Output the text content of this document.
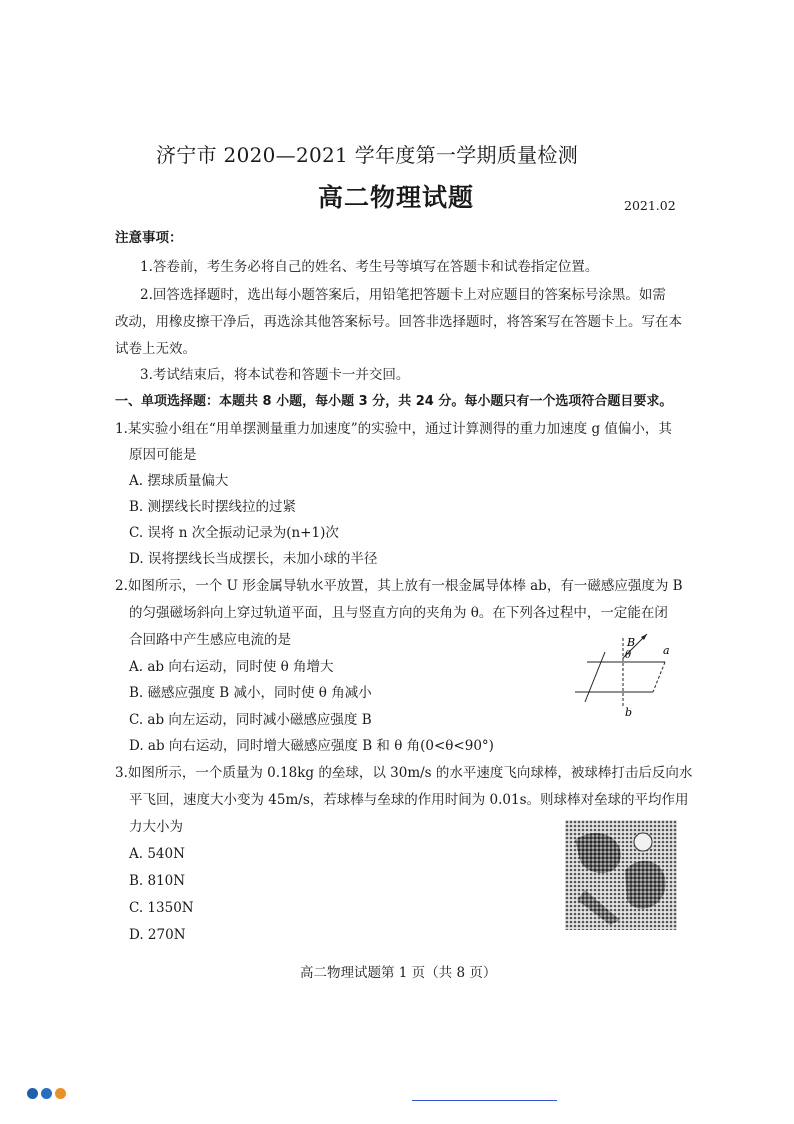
济宁市 2020—2021 学年度第一学期质量检测
高二物理试题	2021.02
注意事项：
1.答卷前，考生务必将自己的姓名、考生号等填写在答题卡和试卷指定位置。
2.回答选择题时，选出每小题答案后，用铅笔把答题卡上对应题目的答案标号涂黑。如需
改动，用橡皮擦干净后，再选涂其他答案标号。回答非选择题时，将答案写在答题卡上。写在本
试卷上无效。
3.考试结束后，将本试卷和答题卡一并交回。
一、单项选择题：本题共 8 小题，每小题 3 分，共 24 分。每小题只有一个选项符合题目要求。
1.某实验小组在“用单摆测量重力加速度”的实验中，通过计算测得的重力加速度 g 值偏小，其
原因可能是
A. 摆球质量偏大
B. 测摆线长时摆线拉的过紧
C. 误将 n 次全振动记录为(n+1)次
D. 误将摆线长当成摆长，未加小球的半径
2.如图所示，一个 U 形金属导轨水平放置，其上放有一根金属导体棒 ab，有一磁感应强度为 B
的匀强磁场斜向上穿过轨道平面，且与竖直方向的夹角为 θ。在下列各过程中，一定能在闭
合回路中产生感应电流的是
A. ab 向右运动，同时使 θ 角增大
B. 磁感应强度 B 减小，同时使 θ 角减小
C. ab 向左运动，同时减小磁感应强度 B
D. ab 向右运动，同时增大磁感应强度 B 和 θ 角(0<θ<90°)
B
θ	a
b
3.如图所示，一个质量为 0.18kg 的垒球，以 30m/s 的水平速度飞向球棒，被球棒打击后反向水
平飞回，速度大小变为 45m/s，若球棒与垒球的作用时间为 0.01s。则球棒对垒球的平均作用
力大小为
A. 540N
B. 810N
C. 1350N
D. 270N
高二物理试题第 1 页（共 8 页）
